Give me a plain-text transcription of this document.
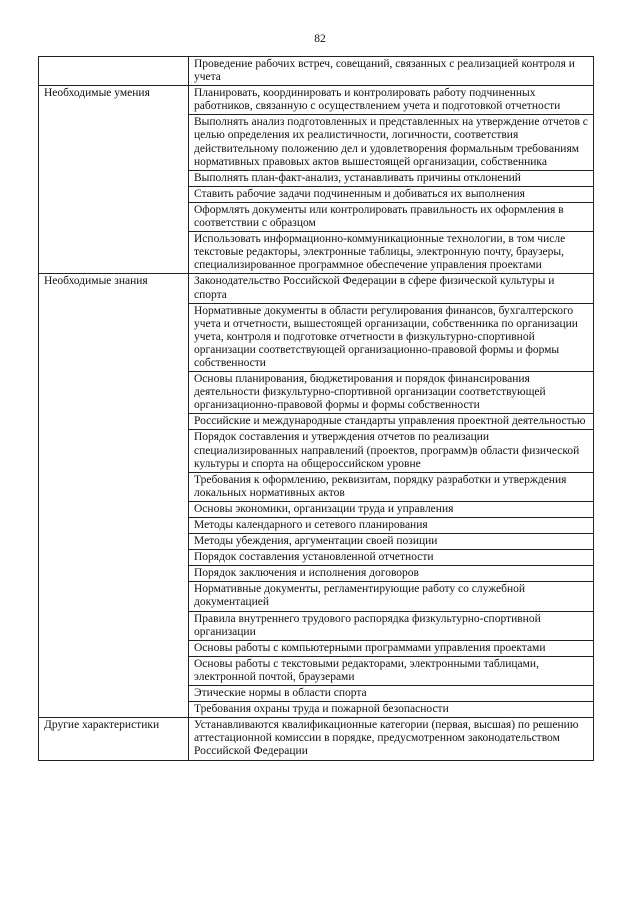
82
	Проведение рабочих встреч, совещаний, связанных с реализацией контроля и учета
Необходимые умения	Планировать, координировать и контролировать работу подчиненных работников, связанную с осуществлением учета и подготовкой отчетности
	Выполнять анализ подготовленных и представленных на утверждение отчетов с целью определения их реалистичности, логичности, соответствия действительному положению дел и удовлетворения формальным требованиям нормативных правовых актов вышестоящей организации, собственника
	Выполнять план-факт-анализ, устанавливать причины отклонений
	Ставить рабочие задачи подчиненным и добиваться их выполнения
	Оформлять документы или контролировать правильность их оформления в соответствии с образцом
	Использовать информационно-коммуникационные технологии, в том числе текстовые редакторы, электронные таблицы, электронную почту, браузеры, специализированное программное обеспечение управления проектами
Необходимые знания	Законодательство Российской Федерации в сфере физической культуры и спорта
	Нормативные документы в области регулирования финансов, бухгалтерского учета и отчетности, вышестоящей организации, собственника по организации учета, контроля и подготовке отчетности в физкультурно-спортивной организации соответствующей организационно-правовой формы и формы собственности
	Основы планирования, бюджетирования и порядок финансирования деятельности физкультурно-спортивной организации соответствующей организационно-правовой формы и формы собственности
	Российские и международные стандарты управления проектной деятельностью
	Порядок составления и утверждения отчетов по реализации специализированных направлений (проектов, программ)в области физической культуры и спорта на общероссийском уровне
	Требования к оформлению, реквизитам, порядку разработки и утверждения локальных нормативных актов
	Основы экономики, организации труда и управления
	Методы календарного и сетевого планирования
	Методы убеждения, аргументации своей позиции
	Порядок составления установленной отчетности
	Порядок заключения и исполнения договоров
	Нормативные документы, регламентирующие работу со служебной документацией
	Правила внутреннего трудового распорядка физкультурно-спортивной организации
	Основы работы с компьютерными программами управления проектами
	Основы работы с текстовыми редакторами, электронными таблицами, электронной почтой, браузерами
	Этические нормы в области спорта
	Требования охраны труда и пожарной безопасности
Другие характеристики	Устанавливаются квалификационные категории (первая, высшая) по решению аттестационной комиссии в порядке, предусмотренном законодательством Российской Федерации
